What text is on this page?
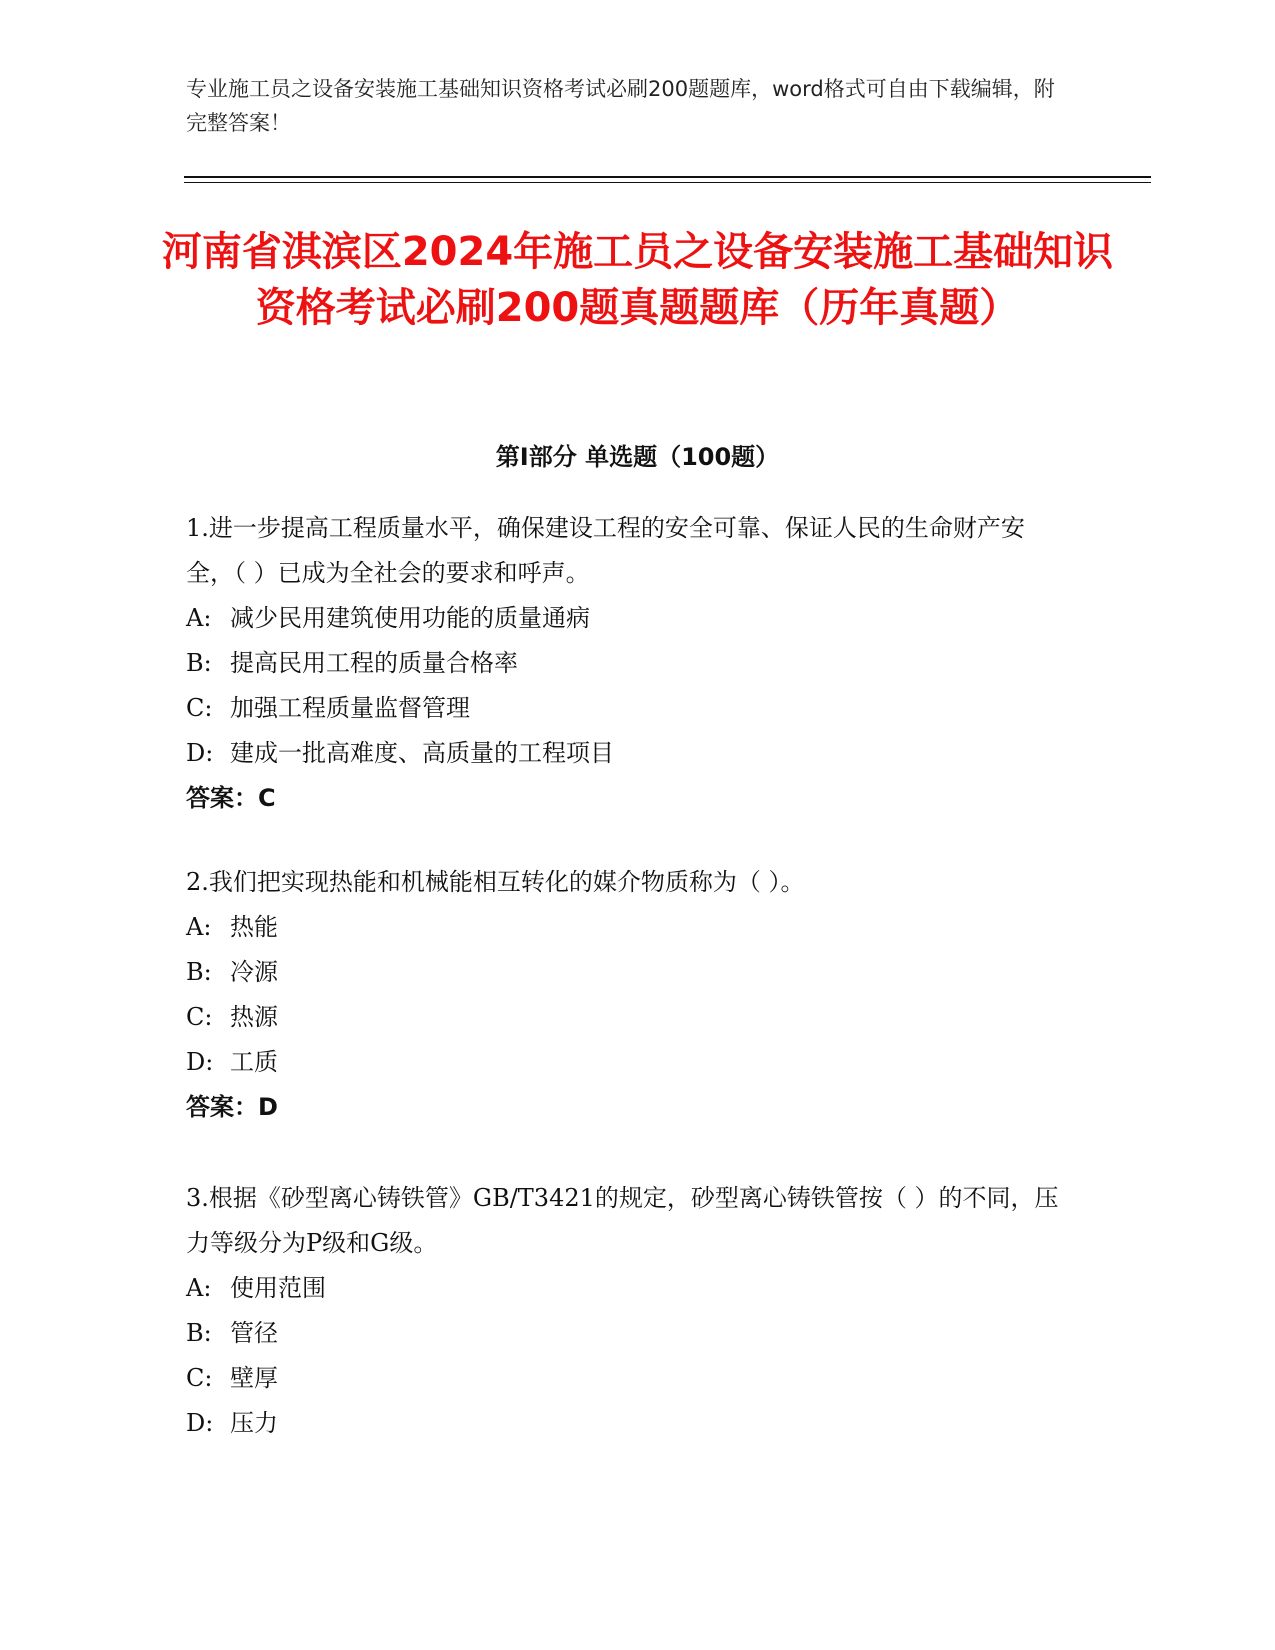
专业施工员之设备安装施工基础知识资格考试必刷200题题库，word格式可自由下载编辑，附完整答案！
河南省淇滨区2024年施工员之设备安装施工基础知识资格考试必刷200题真题题库（历年真题）
第Ⅰ部分 单选题（100题）

1.进一步提高工程质量水平，确保建设工程的安全可靠、保证人民的生命财产安全，（ ）已成为全社会的要求和呼声。

A: 减少民用建筑使用功能的质量通病

B: 提高民用工程的质量合格率

C: 加强工程质量监督管理

D: 建成一批高难度、高质量的工程项目

答案：C

2.我们把实现热能和机械能相互转化的媒介物质称为（ ）。

A: 热能

B: 冷源

C: 热源

D: 工质

答案：D

3.根据《砂型离心铸铁管》GB/T3421的规定，砂型离心铸铁管按（ ）的不同，压力等级分为P级和G级。

A: 使用范围

B: 管径

C: 壁厚

D: 压力
